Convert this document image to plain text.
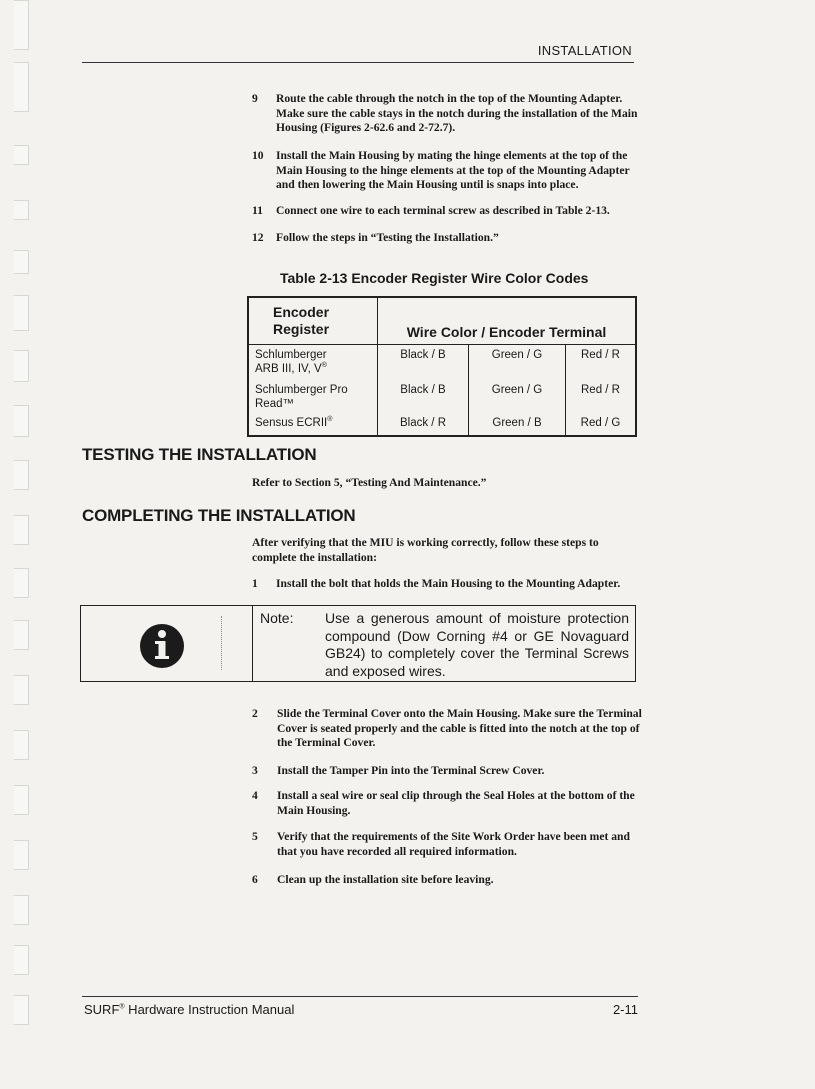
INSTALLATION
9 Route the cable through the notch in the top of the Mounting Adapter. Make sure the cable stays in the notch during the installation of the Main Housing (Figures 2-62.6 and 2-72.7).
10 Install the Main Housing by mating the hinge elements at the top of the Main Housing to the hinge elements at the top of the Mounting Adapter and then lowering the Main Housing until is snaps into place.
11 Connect one wire to each terminal screw as described in Table 2-13.
12 Follow the steps in “Testing the Installation.”
Table 2-13 Encoder Register Wire Color Codes
Encoder
Register	Wire Color / Encoder Terminal		
Schlumberger
ARB III, IV, V®	Black / B	Green / G	Red / R
Schlumberger Pro
Read™	Black / B	Green / G	Red / R
Sensus ECRII®	Black / R	Green / B	Red / G
TESTING THE INSTALLATION
Refer to Section 5, “Testing And Maintenance.”
COMPLETING THE INSTALLATION
After verifying that the MIU is working correctly, follow these steps to complete the installation:
1 Install the bolt that holds the Main Housing to the Mounting Adapter.
Note: Use a generous amount of moisture protection compound (Dow Corning #4 or GE Novaguard GB24) to completely cover the Terminal Screws and exposed wires.
2 Slide the Terminal Cover onto the Main Housing. Make sure the Terminal Cover is seated properly and the cable is fitted into the notch at the top of the Terminal Cover.
3 Install the Tamper Pin into the Terminal Screw Cover.
4 Install a seal wire or seal clip through the Seal Holes at the bottom of the Main Housing.
5 Verify that the requirements of the Site Work Order have been met and that you have recorded all required information.
6 Clean up the installation site before leaving.
SURF® Hardware Instruction Manual	2-11
